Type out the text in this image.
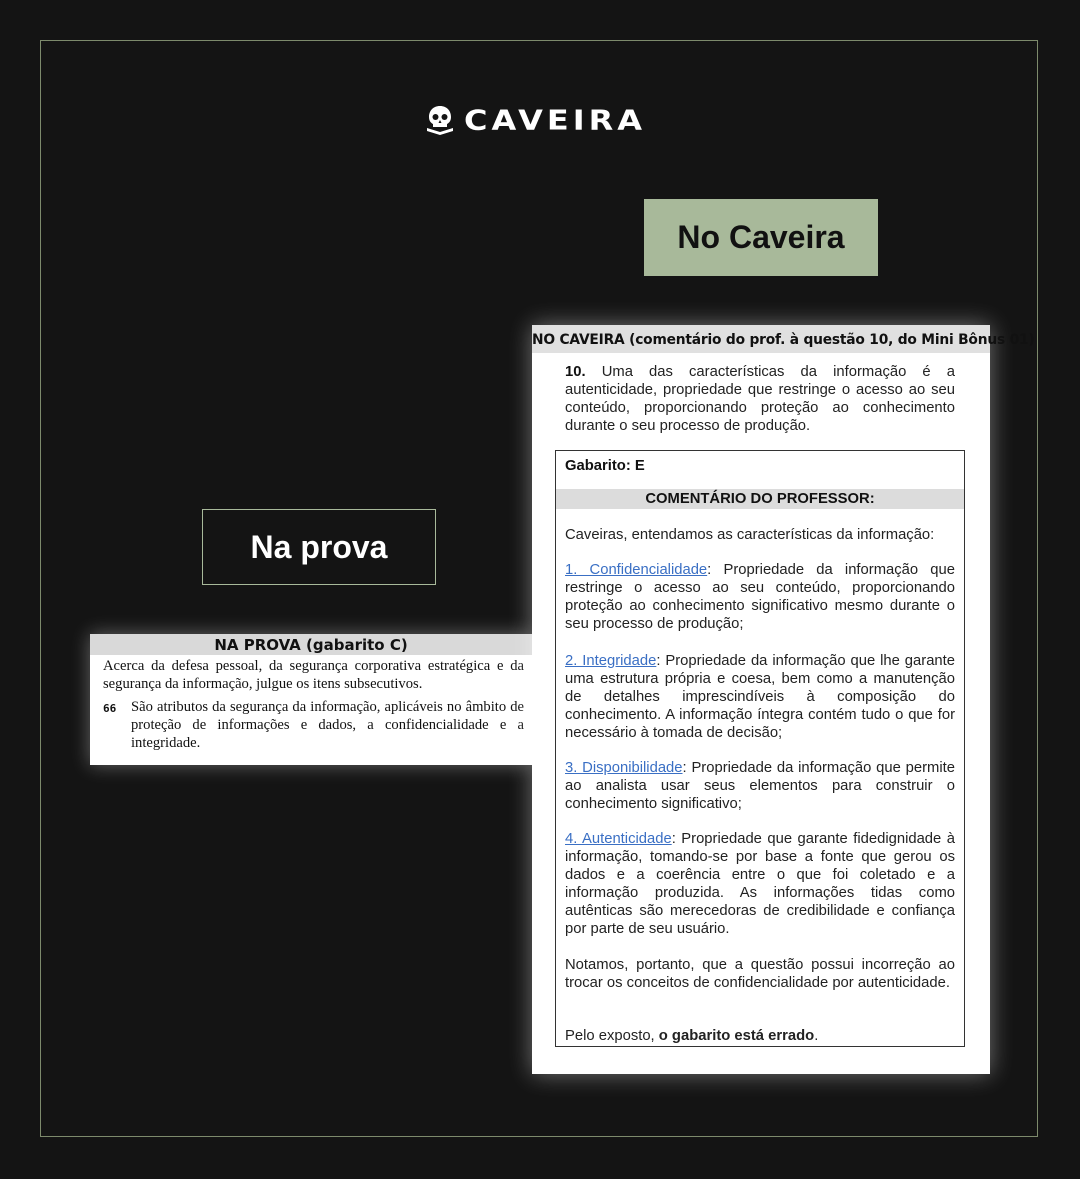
CAVEIRA
No Caveira
Na prova
NA PROVA (gabarito C)
Acerca da defesa pessoal, da segurança corporativa estratégica e da segurança da informação, julgue os itens subsecutivos.
66	São atributos da segurança da informação, aplicáveis no âmbito de proteção de informações e dados, a confidencialidade e a integridade.
NO CAVEIRA (comentário do prof. à questão 10, do Mini Bônus 01)
10. Uma das características da informação é a autenticidade, propriedade que restringe o acesso ao seu conteúdo, proporcionando proteção ao conhecimento durante o seu processo de produção.
Gabarito: E
COMENTÁRIO DO PROFESSOR:

Caveiras, entendamos as características da informação:

1. Confidencialidade: Propriedade da informação que restringe o acesso ao seu conteúdo, proporcionando proteção ao conhecimento significativo mesmo durante o seu processo de produção;

2. Integridade: Propriedade da informação que lhe garante uma estrutura própria e coesa, bem como a manutenção de detalhes imprescindíveis à composição do conhecimento. A informação íntegra contém tudo o que for necessário à tomada de decisão;

3. Disponibilidade: Propriedade da informação que permite ao analista usar seus elementos para construir o conhecimento significativo;

4. Autenticidade: Propriedade que garante fidedignidade à informação, tomando-se por base a fonte que gerou os dados e a coerência entre o que foi coletado e a informação produzida. As informações tidas como autênticas são merecedoras de credibilidade e confiança por parte de seu usuário.

Notamos, portanto, que a questão possui incorreção ao trocar os conceitos de confidencialidade por autenticidade.

Pelo exposto, o gabarito está errado.
